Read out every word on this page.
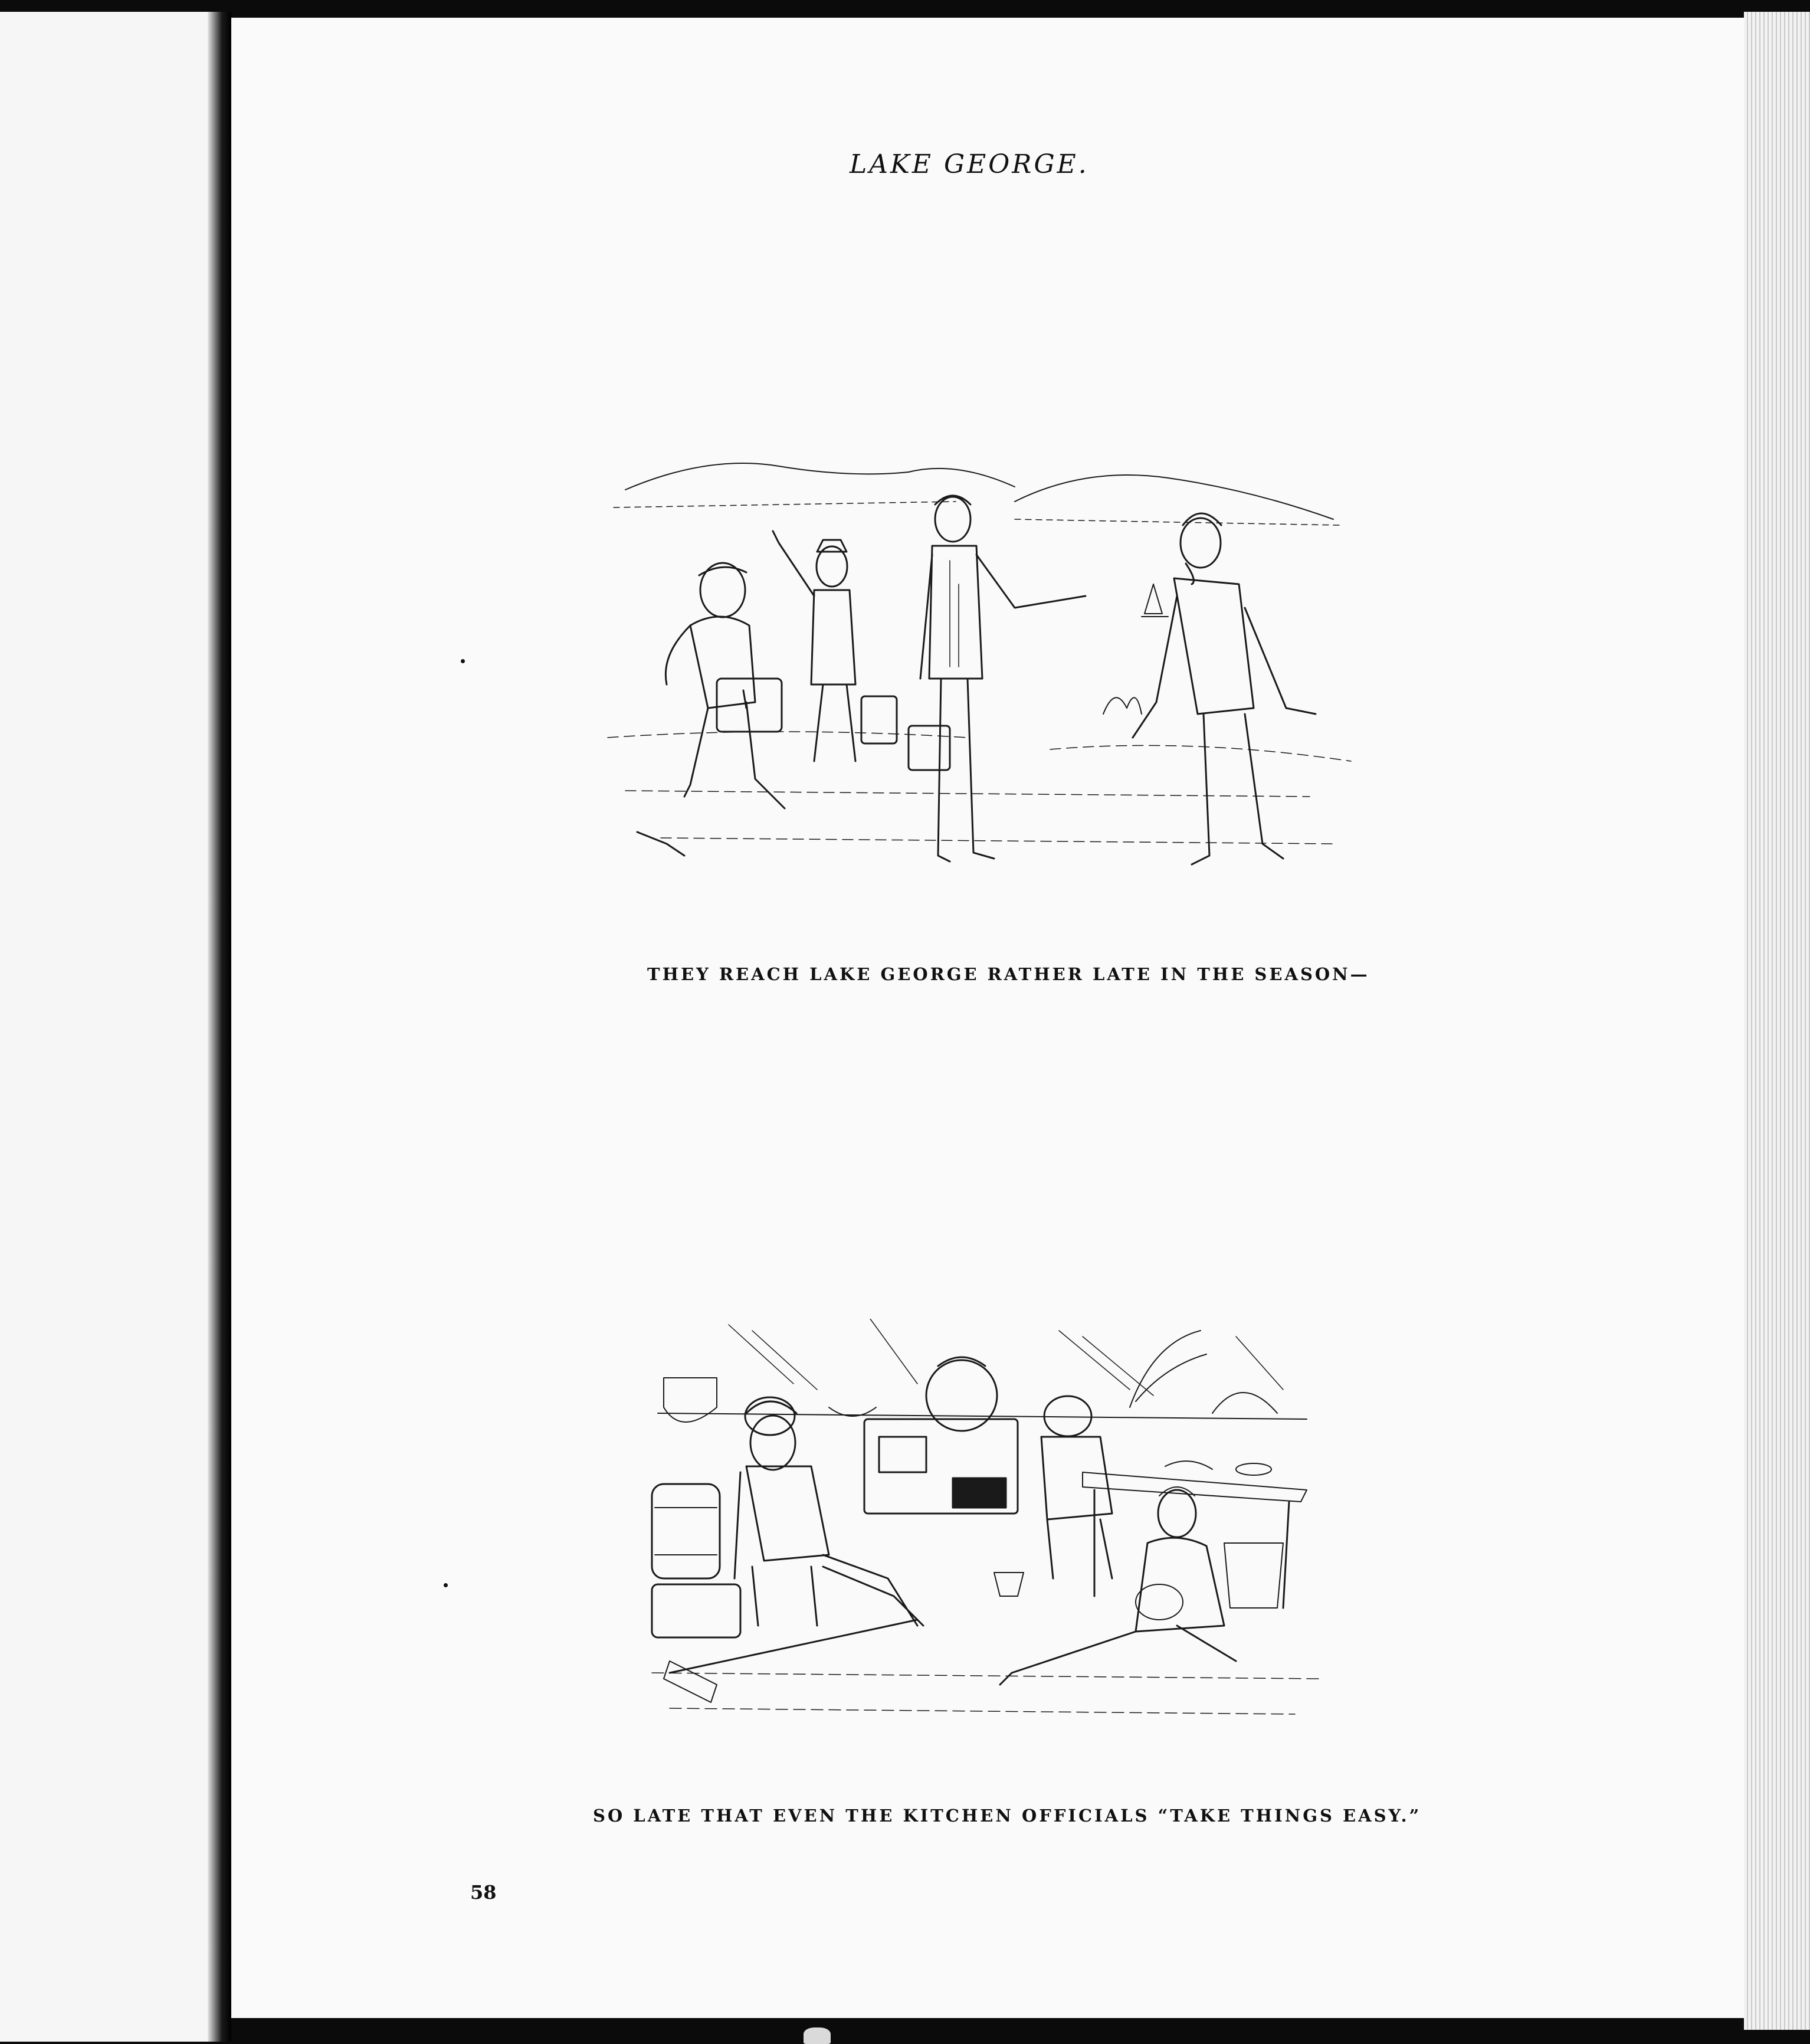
LAKE GEORGE.
THEY REACH LAKE GEORGE RATHER LATE IN THE SEASON—
SO LATE THAT EVEN THE KITCHEN OFFICIALS “TAKE THINGS EASY.”
58
